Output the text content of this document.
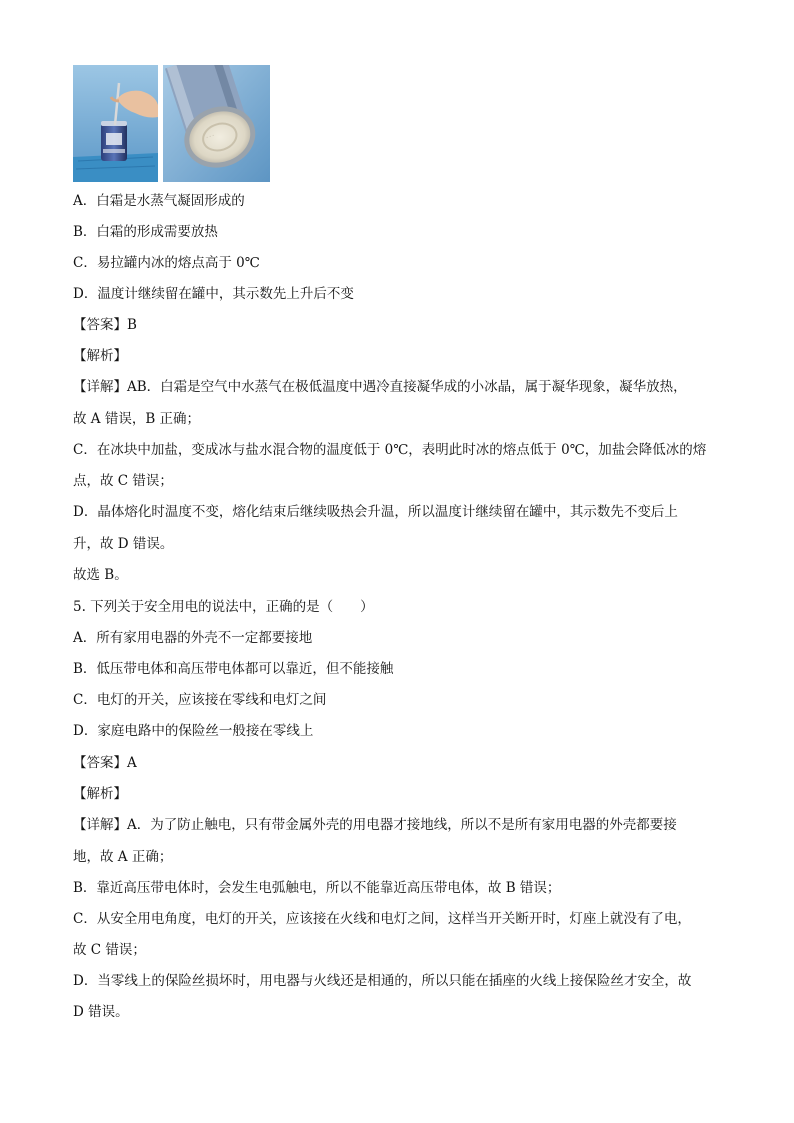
· · ·
A．白霜是水蒸气凝固形成的
B．白霜的形成需要放热
C．易拉罐内冰的熔点高于 0℃
D．温度计继续留在罐中，其示数先上升后不变
【答案】B
【解析】
【详解】AB．白霜是空气中水蒸气在极低温度中遇冷直接凝华成的小冰晶，属于凝华现象，凝华放热，
故 A 错误，B 正确；
C．在冰块中加盐，变成冰与盐水混合物的温度低于 0℃，表明此时冰的熔点低于 0℃，加盐会降低冰的熔
点，故 C 错误；
D．晶体熔化时温度不变，熔化结束后继续吸热会升温，所以温度计继续留在罐中，其示数先不变后上
升，故 D 错误。
故选 B。
5. 下列关于安全用电的说法中，正确的是（　　）
A．所有家用电器的外壳不一定都要接地
B．低压带电体和高压带电体都可以靠近，但不能接触
C．电灯的开关，应该接在零线和电灯之间
D．家庭电路中的保险丝一般接在零线上
【答案】A
【解析】
【详解】A．为了防止触电，只有带金属外壳的用电器才接地线，所以不是所有家用电器的外壳都要接
地，故 A 正确；
B．靠近高压带电体时，会发生电弧触电，所以不能靠近高压带电体，故 B 错误；
C．从安全用电角度，电灯的开关，应该接在火线和电灯之间，这样当开关断开时，灯座上就没有了电，
故 C 错误；
D．当零线上的保险丝损坏时，用电器与火线还是相通的，所以只能在插座的火线上接保险丝才安全，故
D 错误。
